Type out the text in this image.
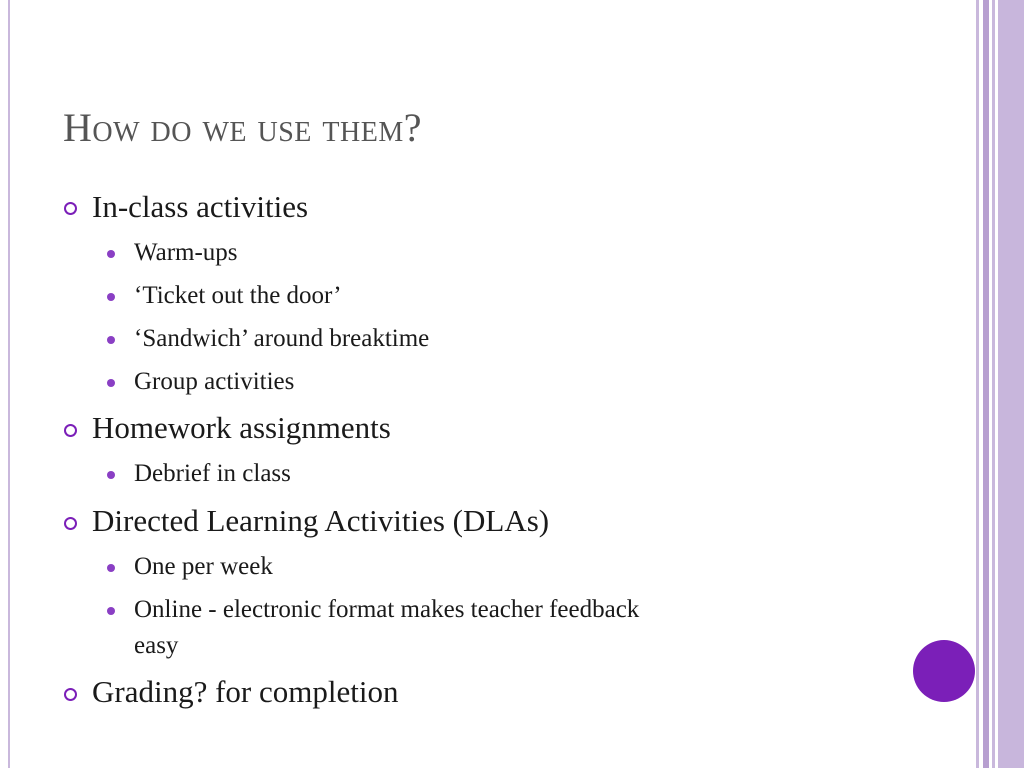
How do we use them?
In-class activities
Warm-ups
‘Ticket out the door’
‘Sandwich’ around breaktime
Group activities
Homework assignments
Debrief in class
Directed Learning Activities (DLAs)
One per week
Online - electronic format makes teacher feedback
easy
Grading? for completion
